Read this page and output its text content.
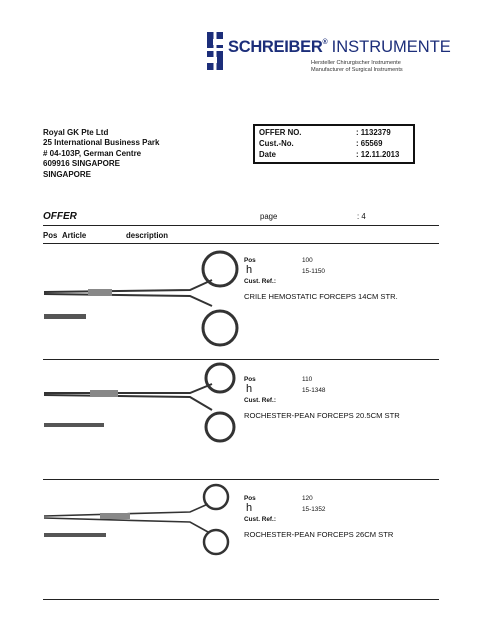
SCHREIBER® INSTRUMENTE
Hersteller Chirurgischer Instrumente
Manufacturer of Surgical Instruments
Royal GK Pte Ltd
25 International Business Park
# 04-103P, German Centre
609916 SINGAPORE
SINGAPORE
OFFER NO.	: 1132379
Cust.-No.	: 65569
Date	: 12.11.2013
OFFER	page	: 4
Pos Article	description
Pos	100
h	15-1150
Cust. Ref.:
CRILE HEMOSTATIC FORCEPS 14CM STR.
Pos	110
h	15-1348
Cust. Ref.:
ROCHESTER-PEAN FORCEPS 20.5CM STR
Pos	120
h	15-1352
Cust. Ref.:
ROCHESTER-PEAN FORCEPS 26CM STR
